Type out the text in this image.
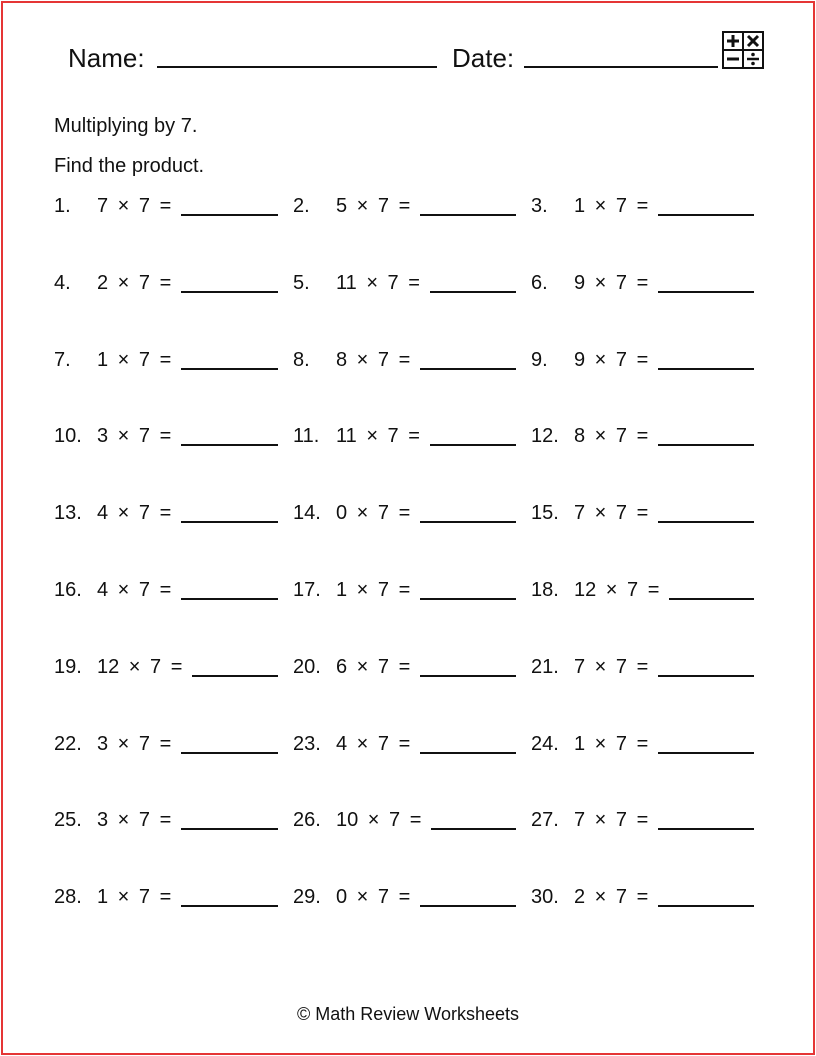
Name:	Date:
Multiplying by 7.
Find the product.
1. 7 × 7 =	2. 5 × 7 =	3. 1 × 7 =
4. 2 × 7 =	5. 11 × 7 =	6. 9 × 7 =
7. 1 × 7 =	8. 8 × 7 =	9. 9 × 7 =
10. 3 × 7 =	11. 11 × 7 =	12. 8 × 7 =
13. 4 × 7 =	14. 0 × 7 =	15. 7 × 7 =
16. 4 × 7 =	17. 1 × 7 =	18. 12 × 7 =
19. 12 × 7 =	20. 6 × 7 =	21. 7 × 7 =
22. 3 × 7 =	23. 4 × 7 =	24. 1 × 7 =
25. 3 × 7 =	26. 10 × 7 =	27. 7 × 7 =
28. 1 × 7 =	29. 0 × 7 =	30. 2 × 7 =
© Math Review Worksheets
